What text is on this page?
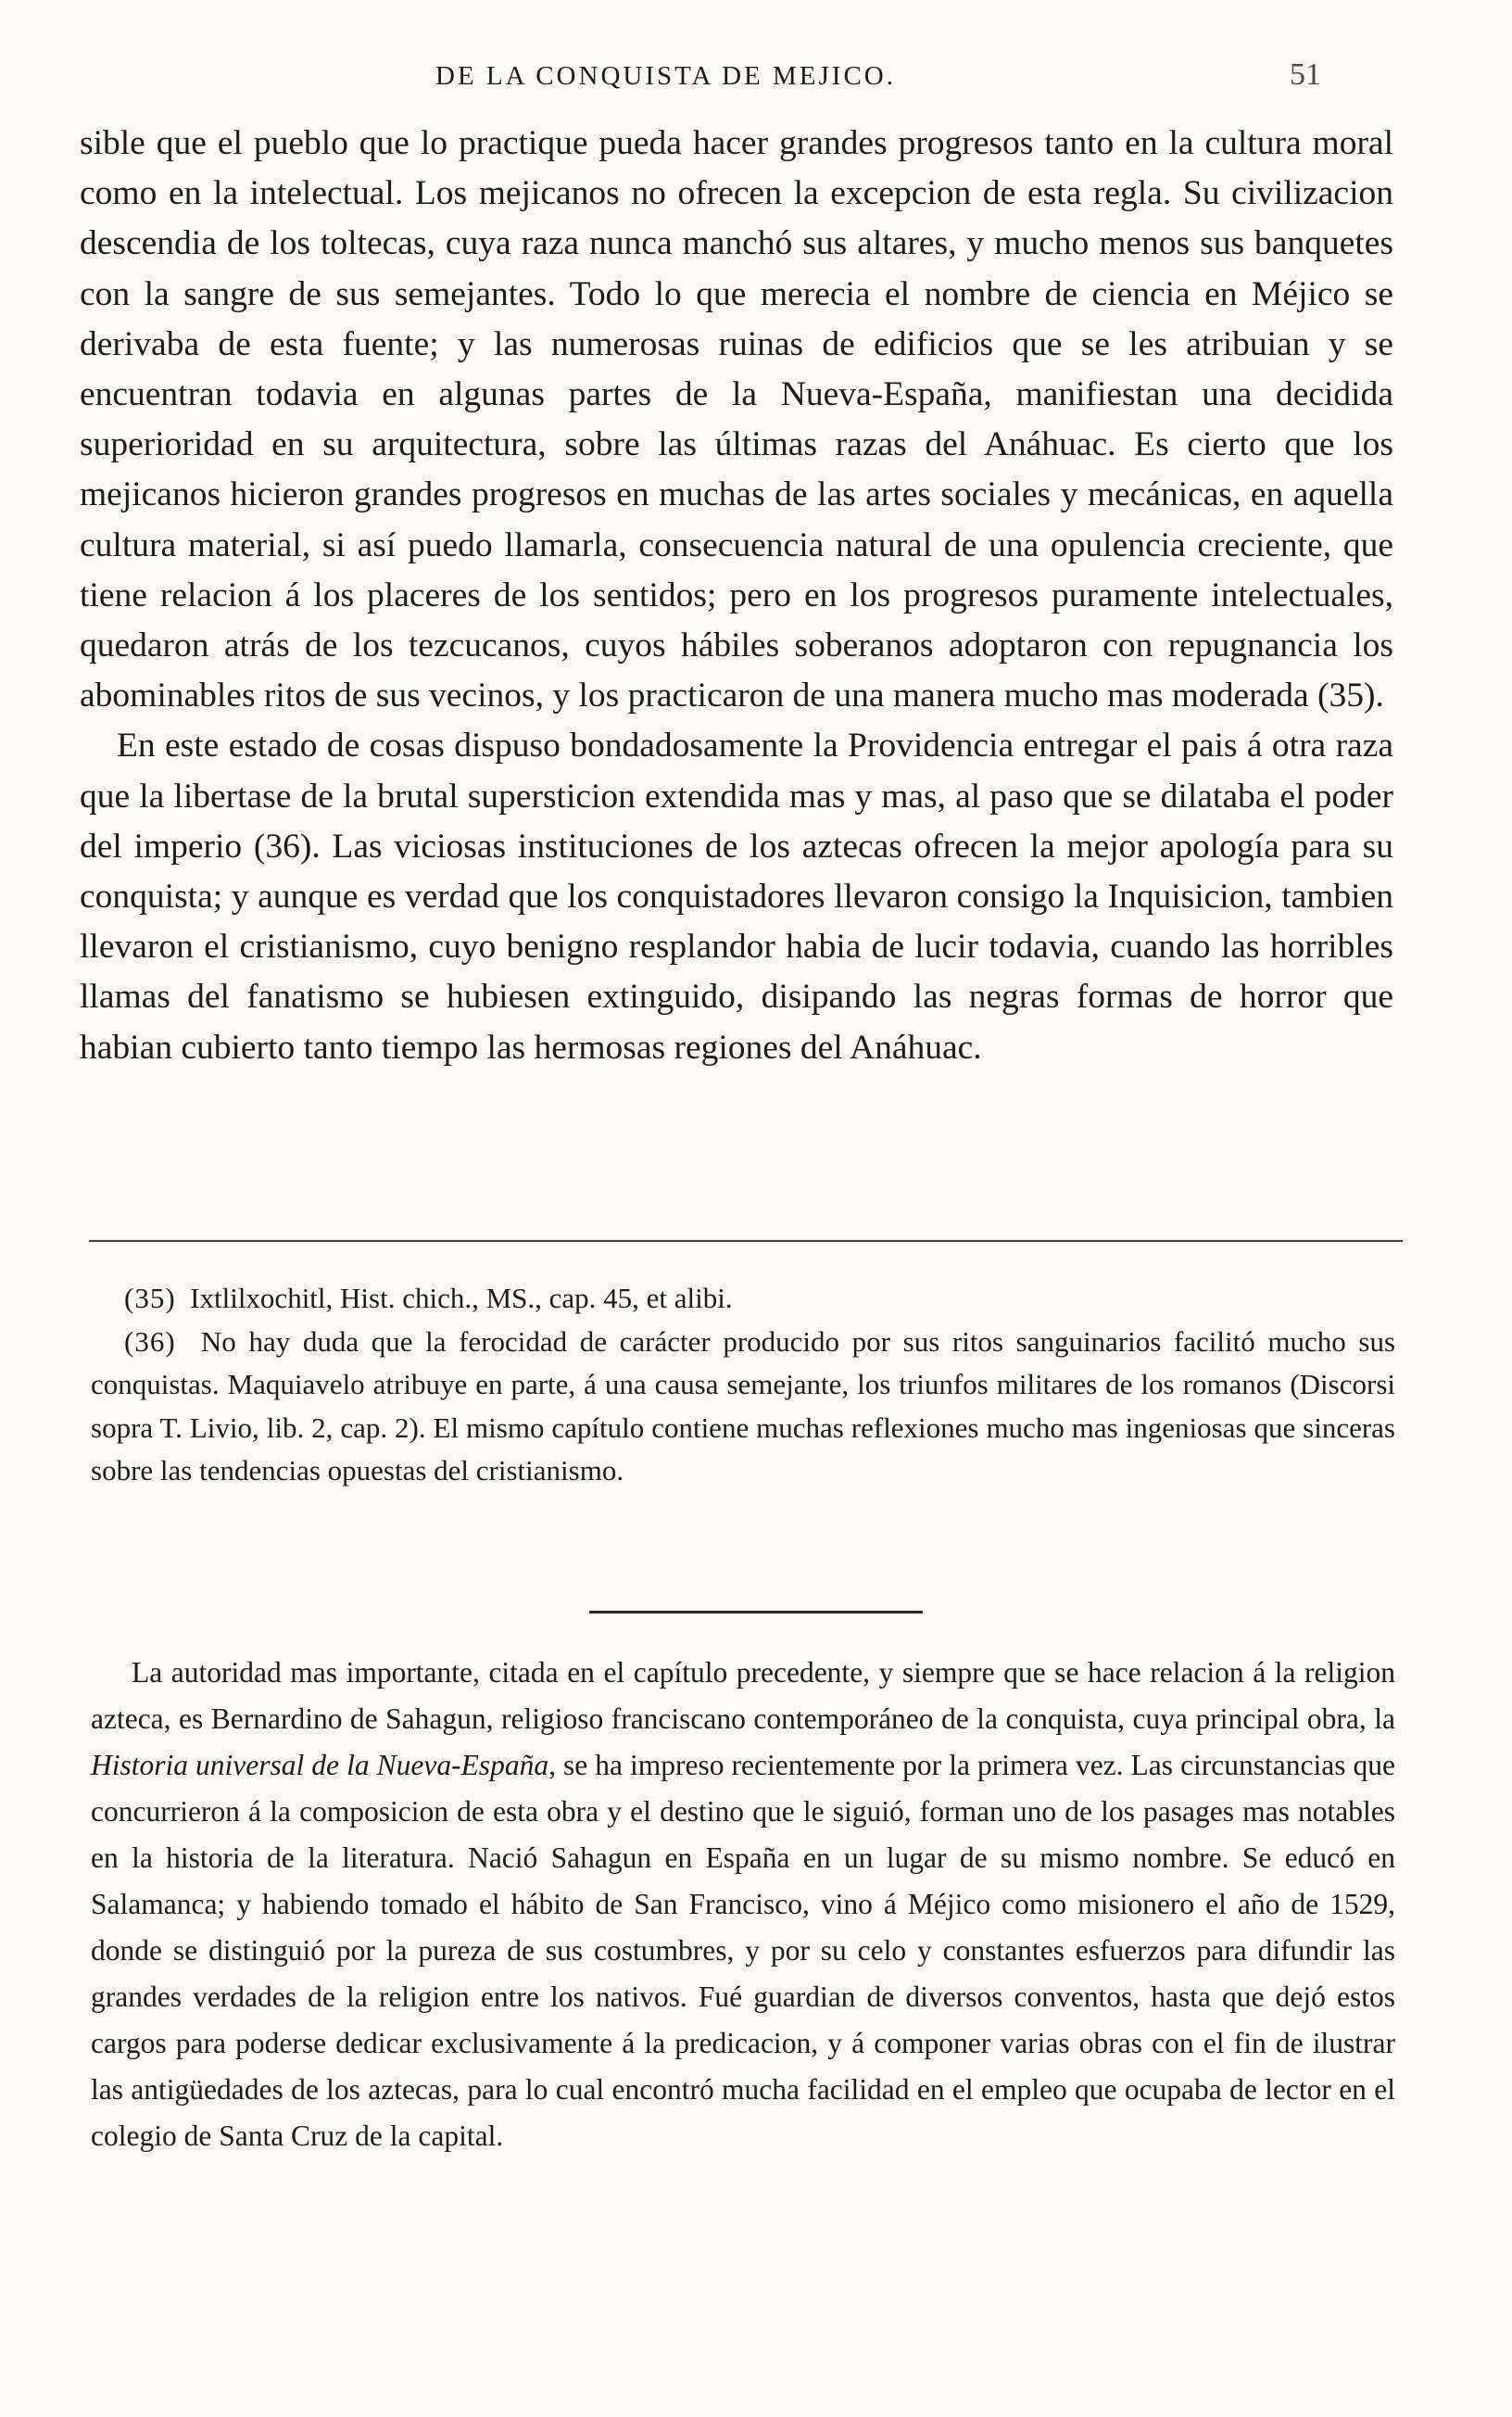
DE LA CONQUISTA DE MEJICO.	51

sible que el pueblo que lo practique pueda hacer grandes progresos tanto en la cultura moral como en la intelectual. Los mejicanos no ofrecen la excepcion de esta regla. Su civilizacion descendia de los toltecas, cuya raza nunca manchó sus altares, y mucho menos sus banquetes con la sangre de sus semejantes. Todo lo que merecia el nombre de ciencia en Méjico se derivaba de esta fuente; y las numerosas ruinas de edificios que se les atribuian y se encuentran todavia en algunas partes de la Nueva-España, manifiestan una decidida superioridad en su arquitectura, sobre las últimas razas del Anáhuac. Es cierto que los mejicanos hicieron grandes progresos en muchas de las artes sociales y mecánicas, en aquella cultura material, si así puedo llamarla, consecuencia natural de una opulencia creciente, que tiene relacion á los placeres de los sentidos; pero en los progresos puramente intelectuales, quedaron atrás de los tezcucanos, cuyos hábiles soberanos adoptaron con repugnancia los abominables ritos de sus vecinos, y los practicaron de una manera mucho mas moderada (35).

En este estado de cosas dispuso bondadosamente la Providencia entregar el pais á otra raza que la libertase de la brutal supersticion extendida mas y mas, al paso que se dilataba el poder del imperio (36). Las viciosas instituciones de los aztecas ofrecen la mejor apología para su conquista; y aunque es verdad que los conquistadores llevaron consigo la Inquisicion, tambien llevaron el cristianismo, cuyo benigno resplandor habia de lucir todavia, cuando las horribles llamas del fanatismo se hubiesen extinguido, disipando las negras formas de horror que habian cubierto tanto tiempo las hermosas regiones del Anáhuac.

(35) Ixtlilxochitl, Hist. chich., MS., cap. 45, et alibi.

(36) No hay duda que la ferocidad de carácter producido por sus ritos sanguinarios facilitó mucho sus conquistas. Maquiavelo atribuye en parte, á una causa semejante, los triunfos militares de los romanos (Discorsi sopra T. Livio, lib. 2, cap. 2). El mismo capítulo contiene muchas reflexiones mucho mas ingeniosas que sinceras sobre las tendencias opuestas del cristianismo.

La autoridad mas importante, citada en el capítulo precedente, y siempre que se hace relacion á la religion azteca, es Bernardino de Sahagun, religioso franciscano contemporáneo de la conquista, cuya principal obra, la Historia universal de la Nueva-España, se ha impreso recientemente por la primera vez. Las circunstancias que concurrieron á la composicion de esta obra y el destino que le siguió, forman uno de los pasages mas notables en la historia de la literatura. Nació Sahagun en España en un lugar de su mismo nombre. Se educó en Salamanca; y habiendo tomado el hábito de San Francisco, vino á Méjico como misionero el año de 1529, donde se distinguió por la pureza de sus costumbres, y por su celo y constantes esfuerzos para difundir las grandes verdades de la religion entre los nativos. Fué guardian de diversos conventos, hasta que dejó estos cargos para poderse dedicar exclusivamente á la predicacion, y á componer varias obras con el fin de ilustrar las antigüedades de los aztecas, para lo cual encontró mucha facilidad en el empleo que ocupaba de lector en el colegio de Santa Cruz de la capital.
